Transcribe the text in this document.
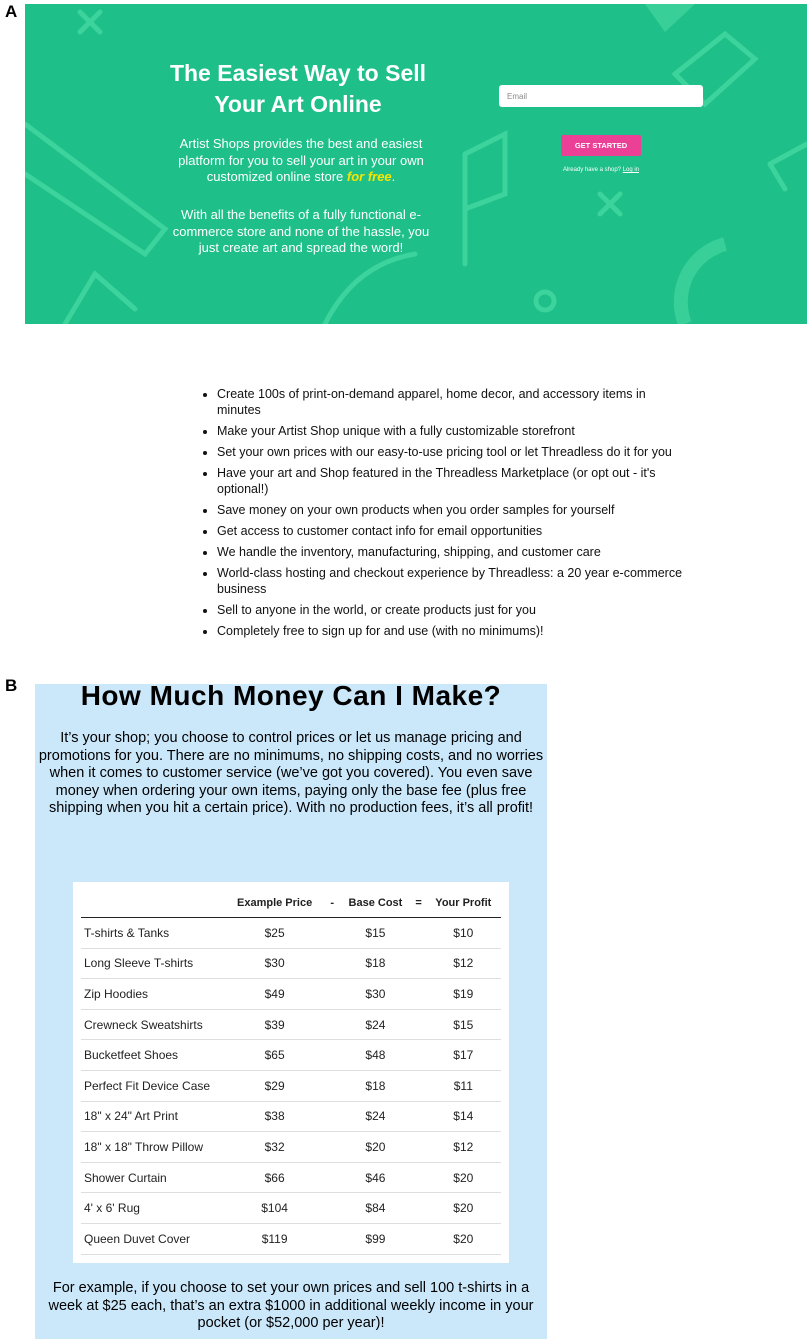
A
The Easiest Way to Sell Your Art Online
Artist Shops provides the best and easiest platform for you to sell your art in your own customized online store for free.
With all the benefits of a fully functional e-commerce store and none of the hassle, you just create art and spread the word!
Email
GET STARTED
Already have a shop? Log in
• Create 100s of print-on-demand apparel, home decor, and accessory items in minutes
• Make your Artist Shop unique with a fully customizable storefront
• Set your own prices with our easy-to-use pricing tool or let Threadless do it for you
• Have your art and Shop featured in the Threadless Marketplace (or opt out - it's optional!)
• Save money on your own products when you order samples for yourself
• Get access to customer contact info for email opportunities
• We handle the inventory, manufacturing, shipping, and customer care
• World-class hosting and checkout experience by Threadless: a 20 year e-commerce business
• Sell to anyone in the world, or create products just for you
• Completely free to sign up for and use (with no minimums)!
B	How Much Money Can I Make?
It’s your shop; you choose to control prices or let us manage pricing and promotions for you. There are no minimums, no shipping costs, and no worries when it comes to customer service (we’ve got you covered). You even save money when ordering your own items, paying only the base fee (plus free shipping when you hit a certain price). With no production fees, it’s all profit!
	Example Price	-	Base Cost	=	Your Profit
T-shirts & Tanks	$25		$15		$10
Long Sleeve T-shirts	$30		$18		$12
Zip Hoodies	$49		$30		$19
Crewneck Sweatshirts	$39		$24		$15
Bucketfeet Shoes	$65		$48		$17
Perfect Fit Device Case	$29		$18		$11
18" x 24" Art Print	$38		$24		$14
18" x 18" Throw Pillow	$32		$20		$12
Shower Curtain	$66		$46		$20
4' x 6' Rug	$104		$84		$20
Queen Duvet Cover	$119		$99		$20
For example, if you choose to set your own prices and sell 100 t-shirts in a week at $25 each, that’s an extra $1000 in additional weekly income in your pocket (or $52,000 per year)!
